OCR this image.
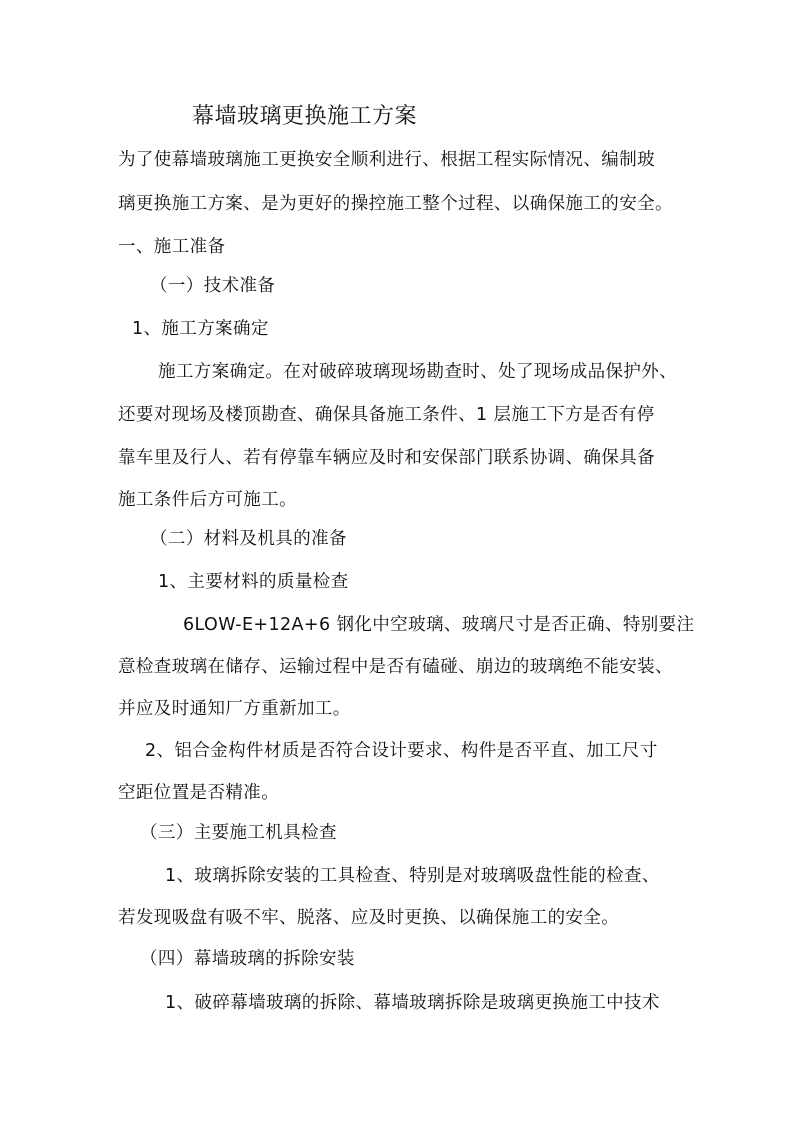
幕墙玻璃更换施工方案
为了使幕墙玻璃施工更换安全顺利进行、根据工程实际情况、编制玻
璃更换施工方案、是为更好的操控施工整个过程、以确保施工的安全。
一、施工准备
（一）技术准备
1、施工方案确定
施工方案确定。在对破碎玻璃现场勘查时、处了现场成品保护外、
还要对现场及楼顶勘查、确保具备施工条件、1 层施工下方是否有停
靠车里及行人、若有停靠车辆应及时和安保部门联系协调、确保具备
施工条件后方可施工。
（二）材料及机具的准备
1、主要材料的质量检查
6LOW-E+12A+6 钢化中空玻璃、玻璃尺寸是否正确、特别要注
意检查玻璃在储存、运输过程中是否有磕碰、崩边的玻璃绝不能安装、
并应及时通知厂方重新加工。
2、铝合金构件材质是否符合设计要求、构件是否平直、加工尺寸
空距位置是否精准。
（三）主要施工机具检查
1、玻璃拆除安装的工具检查、特别是对玻璃吸盘性能的检查、
若发现吸盘有吸不牢、脱落、应及时更换、以确保施工的安全。
（四）幕墙玻璃的拆除安装
1、破碎幕墙玻璃的拆除、幕墙玻璃拆除是玻璃更换施工中技术
